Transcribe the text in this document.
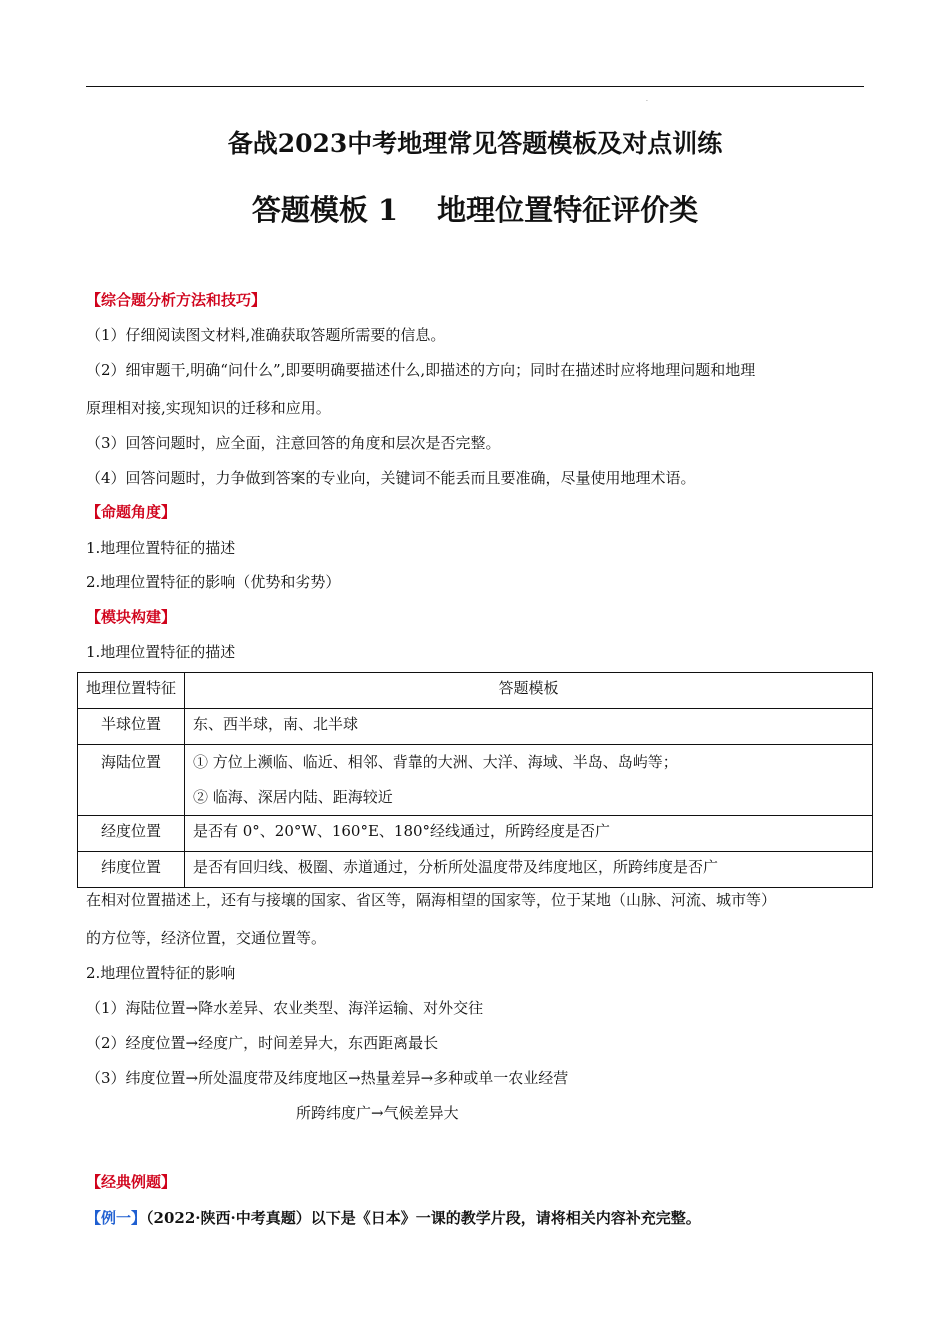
·
备战2023中考地理常见答题模板及对点训练
答题模板 1　 地理位置特征评价类
【综合题分析方法和技巧】
（1）仔细阅读图文材料,准确获取答题所需要的信息。
（2）细审题干,明确“问什么”,即要明确要描述什么,即描述的方向；同时在描述时应将地理问题和地理
原理相对接,实现知识的迁移和应用。
（3）回答问题时，应全面，注意回答的角度和层次是否完整。
（4）回答问题时，力争做到答案的专业向，关键词不能丢而且要准确，尽量使用地理术语。
【命题角度】
1.地理位置特征的描述
2.地理位置特征的影响（优势和劣势）
【模块构建】
1.地理位置特征的描述
地理位置特征	答题模板
半球位置	东、西半球，南、北半球
海陆位置	① 方位上濒临、临近、相邻、背靠的大洲、大洋、海域、半岛、岛屿等；
② 临海、深居内陆、距海较近

经度位置	是否有 0°、20°W、160°E、180°经线通过，所跨经度是否广
纬度位置	是否有回归线、极圈、赤道通过，分析所处温度带及纬度地区，所跨纬度是否广
在相对位置描述上，还有与接壤的国家、省区等，隔海相望的国家等，位于某地（山脉、河流、城市等）
的方位等，经济位置，交通位置等。
2.地理位置特征的影响
（1）海陆位置→降水差异、农业类型、海洋运输、对外交往
（2）经度位置→经度广，时间差异大，东西距离最长
（3）纬度位置→所处温度带及纬度地区→热量差异→多种或单一农业经营
所跨纬度广→气候差异大
【经典例题】
【例一】（2022·陕西·中考真题）以下是《日本》一课的教学片段，请将相关内容补充完整。
